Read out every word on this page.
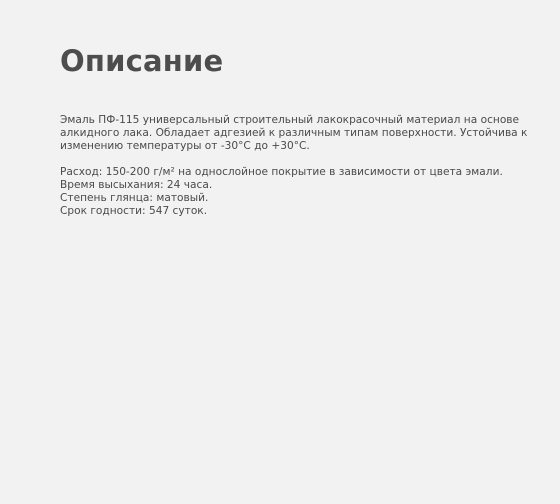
Описание

Эмаль ПФ-115 универсальный строительный лакокрасочный материал на основе
алкидного лака. Обладает адгезией к различным типам поверхности. Устойчива к
изменению температуры от -30°С до +30°С.

Расход: 150-200 г/м² на однослойное покрытие в зависимости от цвета эмали.
Время высыхания: 24 часа.
Степень глянца: матовый.
Срок годности: 547 суток.
